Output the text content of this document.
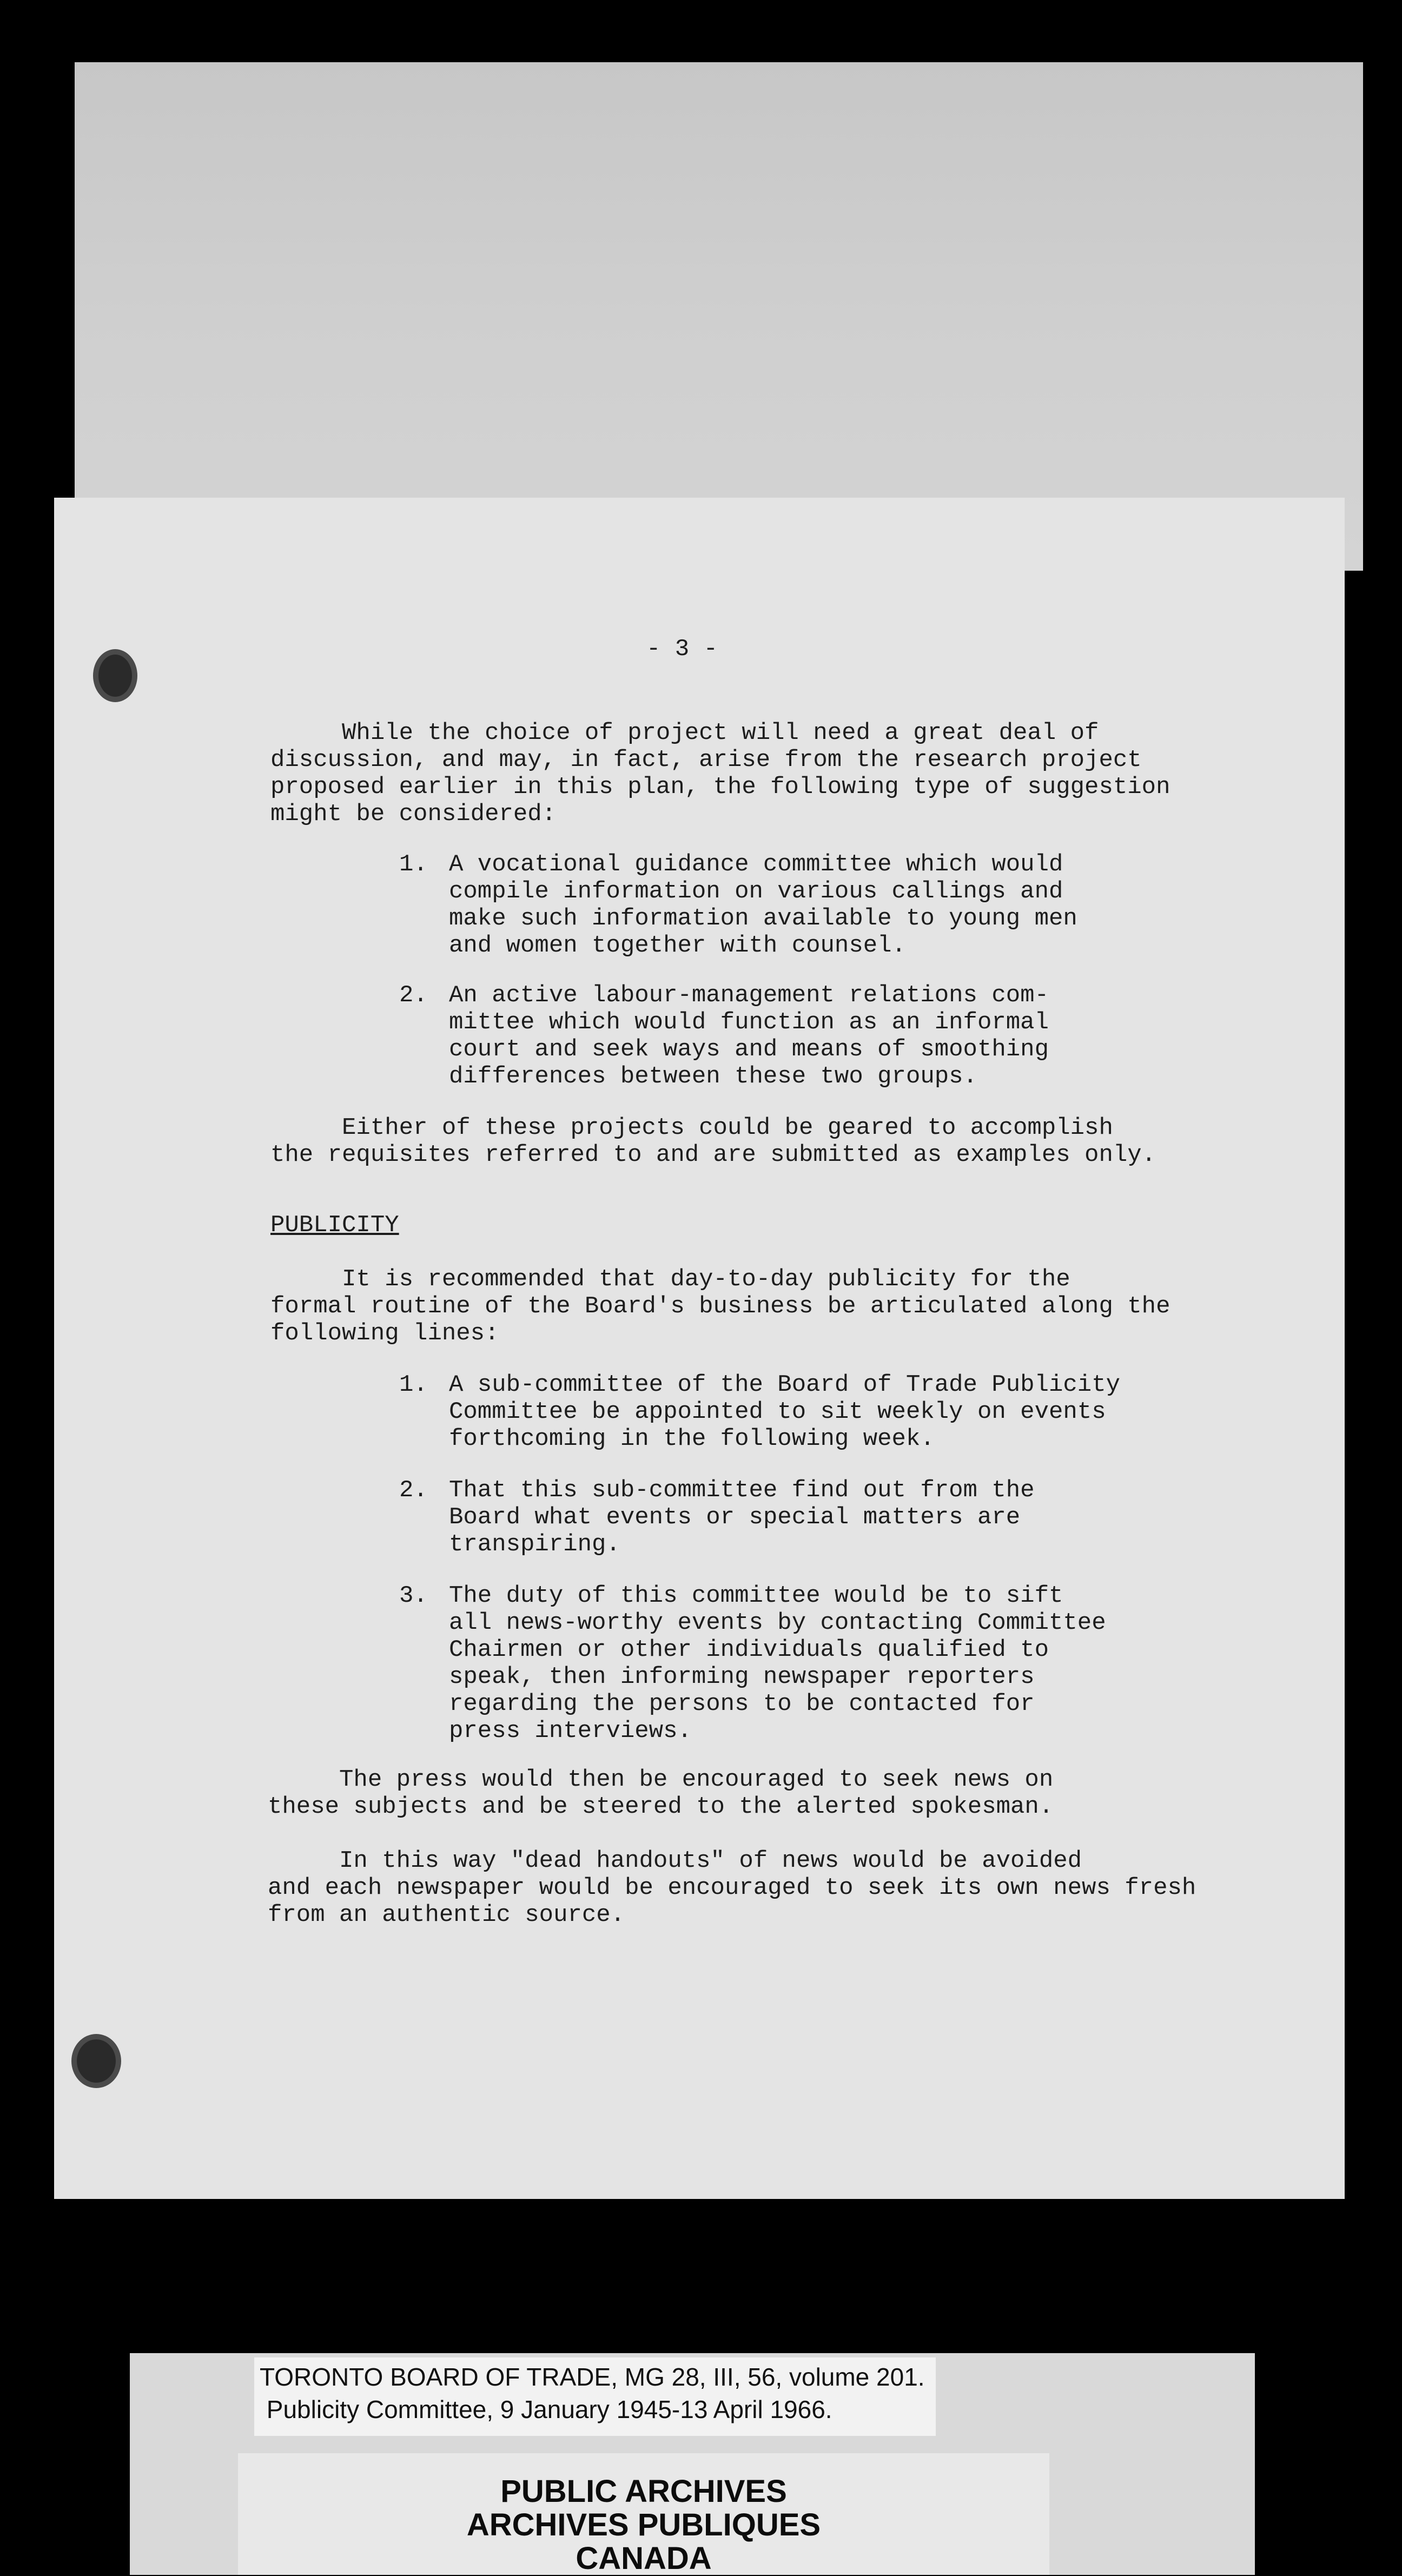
- 3 -
While the choice of project will need a great deal of
discussion, and may, in fact, arise from the research project
proposed earlier in this plan, the following type of suggestion
might be considered:
1. A vocational guidance committee which would
compile information on various callings and
make such information available to young men
and women together with counsel.
2. An active labour-management relations com-
mittee which would function as an informal
court and seek ways and means of smoothing
differences between these two groups.
Either of these projects could be geared to accomplish
the requisites referred to and are submitted as examples only.
PUBLICITY
It is recommended that day-to-day publicity for the
formal routine of the Board's business be articulated along the
following lines:
1. A sub-committee of the Board of Trade Publicity
Committee be appointed to sit weekly on events
forthcoming in the following week.
2. That this sub-committee find out from the
Board what events or special matters are
transpiring.
3. The duty of this committee would be to sift
all news-worthy events by contacting Committee
Chairmen or other individuals qualified to
speak, then informing newspaper reporters
regarding the persons to be contacted for
press interviews.
The press would then be encouraged to seek news on
these subjects and be steered to the alerted spokesman.
In this way "dead handouts" of news would be avoided
and each newspaper would be encouraged to seek its own news fresh
from an authentic source.
TORONTO BOARD OF TRADE, MG 28, III, 56, volume 201.
Publicity Committee, 9 January 1945-13 April 1966.
PUBLIC ARCHIVES
ARCHIVES PUBLIQUES
CANADA
